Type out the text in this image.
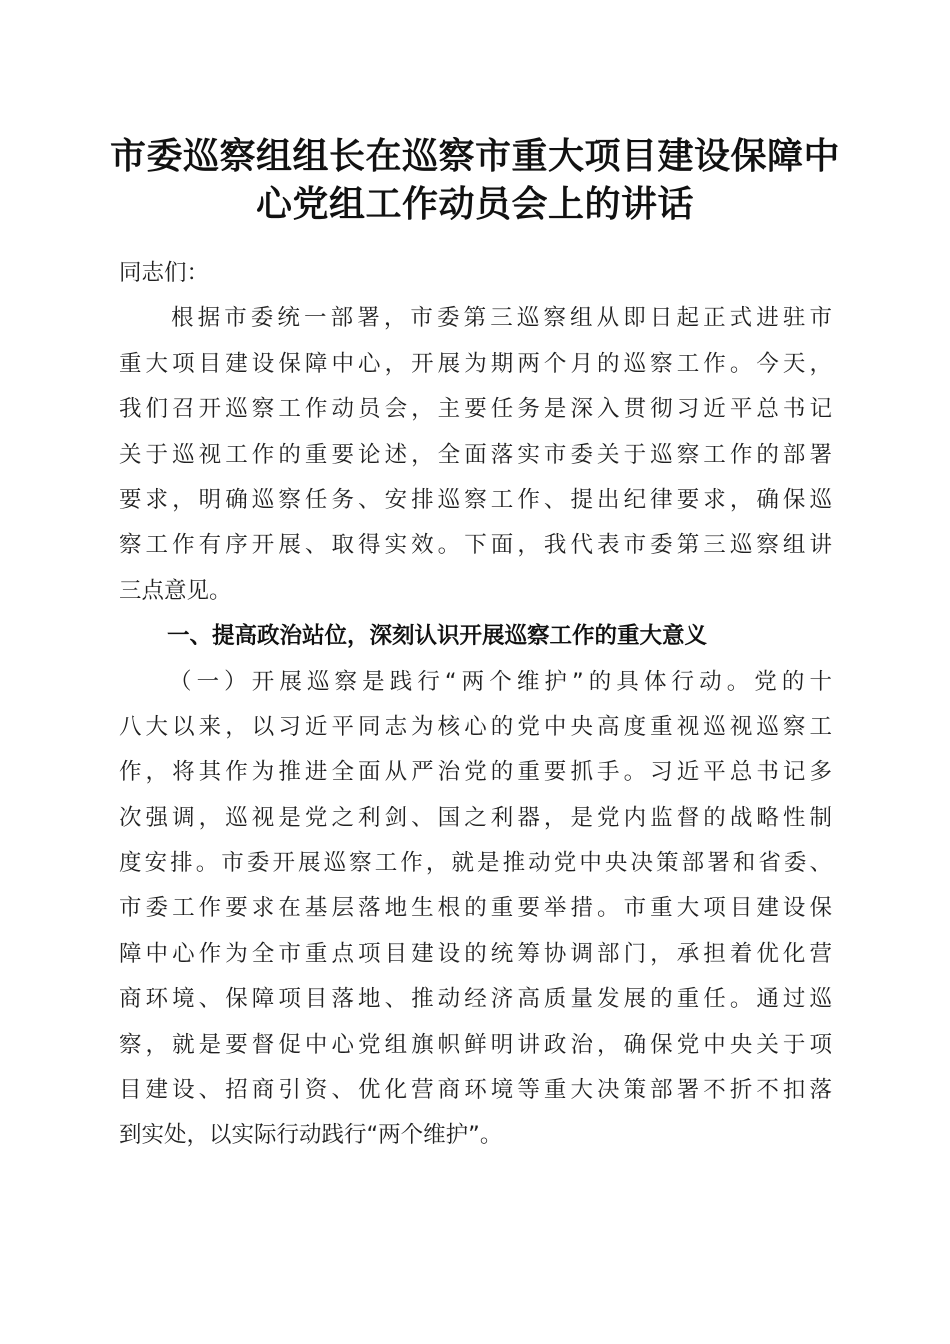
市委巡察组组长在巡察市重大项目建设保障中
心党组工作动员会上的讲话
同志们：
根据市委统一部署，市委第三巡察组从即日起正式进驻市
重大项目建设保障中心，开展为期两个月的巡察工作。今天，
我们召开巡察工作动员会，主要任务是深入贯彻习近平总书记
关于巡视工作的重要论述，全面落实市委关于巡察工作的部署
要求，明确巡察任务、安排巡察工作、提出纪律要求，确保巡
察工作有序开展、取得实效。下面，我代表市委第三巡察组讲
三点意见。
一、提高政治站位，深刻认识开展巡察工作的重大意义
（一）开展巡察是践行“两个维护”的具体行动。党的十
八大以来，以习近平同志为核心的党中央高度重视巡视巡察工
作，将其作为推进全面从严治党的重要抓手。习近平总书记多
次强调，巡视是党之利剑、国之利器，是党内监督的战略性制
度安排。市委开展巡察工作，就是推动党中央决策部署和省委、
市委工作要求在基层落地生根的重要举措。市重大项目建设保
障中心作为全市重点项目建设的统筹协调部门，承担着优化营
商环境、保障项目落地、推动经济高质量发展的重任。通过巡
察，就是要督促中心党组旗帜鲜明讲政治，确保党中央关于项
目建设、招商引资、优化营商环境等重大决策部署不折不扣落
到实处，以实际行动践行“两个维护”。
